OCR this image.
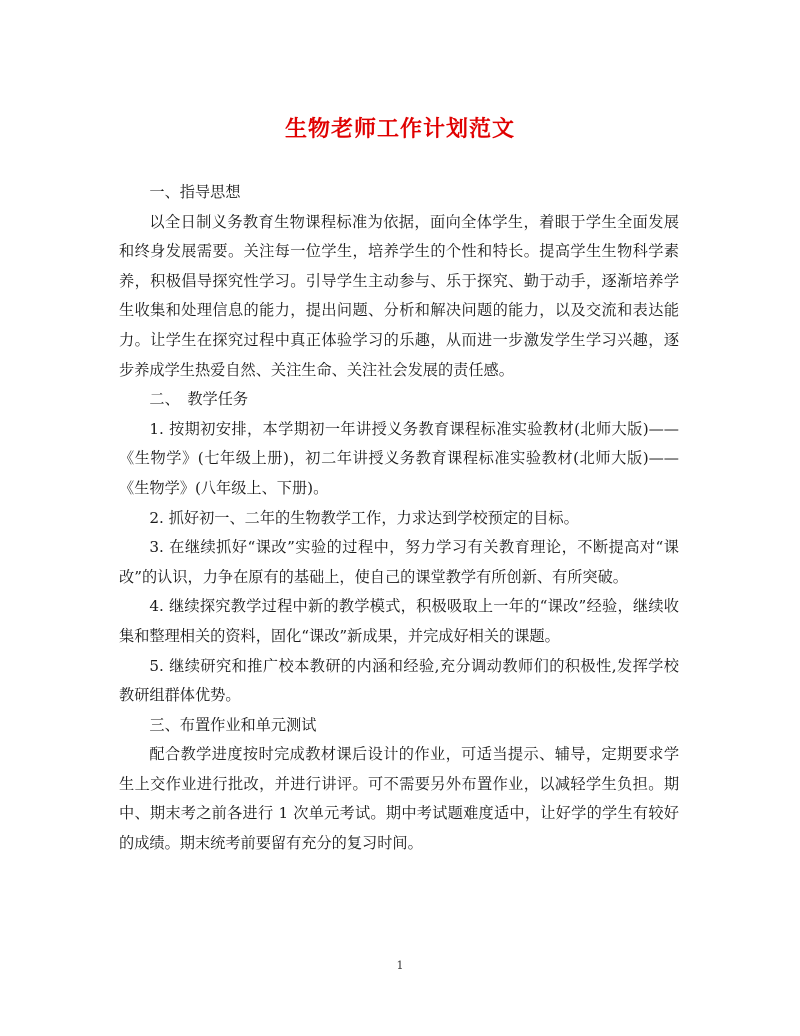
生物老师工作计划范文

一、指导思想

以全日制义务教育生物课程标准为依据，面向全体学生，着眼于学生全面发展和终身发展需要。关注每一位学生，培养学生的个性和特长。提高学生生物科学素养，积极倡导探究性学习。引导学生主动参与、乐于探究、勤于动手，逐渐培养学生收集和处理信息的能力，提出问题、分析和解决问题的能力，以及交流和表达能力。让学生在探究过程中真正体验学习的乐趣，从而进一步激发学生学习兴趣，逐步养成学生热爱自然、关注生命、关注社会发展的责任感。

二、　教学任务

1. 按期初安排，本学期初一年讲授义务教育课程标准实验教材(北师大版)——《生物学》(七年级上册)，初二年讲授义务教育课程标准实验教材(北师大版)——《生物学》(八年级上、下册)。

2. 抓好初一、二年的生物教学工作，力求达到学校预定的目标。

3. 在继续抓好“课改”实验的过程中，努力学习有关教育理论，不断提高对“课改”的认识，力争在原有的基础上，使自己的课堂教学有所创新、有所突破。

4. 继续探究教学过程中新的教学模式，积极吸取上一年的“课改”经验，继续收集和整理相关的资料，固化“课改”新成果，并完成好相关的课题。

5. 继续研究和推广校本教研的内涵和经验,充分调动教师们的积极性,发挥学校教研组群体优势。

三、布置作业和单元测试

配合教学进度按时完成教材课后设计的作业，可适当提示、辅导，定期要求学生上交作业进行批改，并进行讲评。可不需要另外布置作业，以减轻学生负担。期中、期末考之前各进行 1 次单元考试。期中考试题难度适中，让好学的学生有较好的成绩。期末统考前要留有充分的复习时间。

1
